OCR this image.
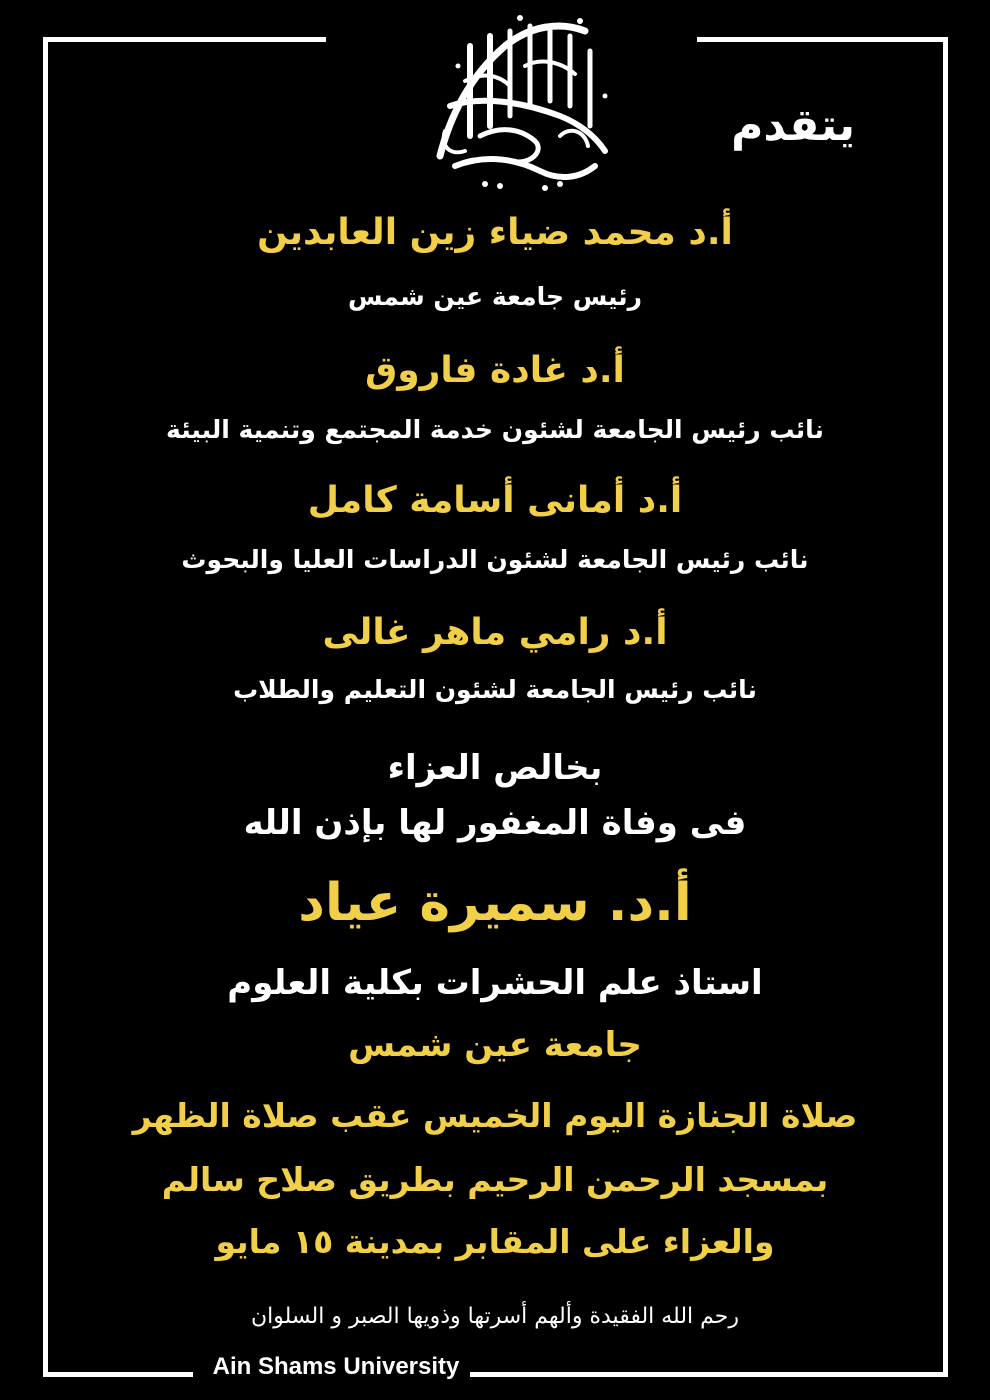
يتقدم

أ.د محمد ضياء زين العابدين

رئيس جامعة عين شمس

أ.د غادة فاروق

نائب رئيس الجامعة لشئون خدمة المجتمع وتنمية البيئة

أ.د أمانى أسامة كامل

نائب رئيس الجامعة لشئون الدراسات العليا والبحوث

أ.د رامي ماهر غالى

نائب رئيس الجامعة لشئون التعليم والطلاب

بخالص العزاء

فى وفاة المغفور لها بإذن الله

أ.د. سميرة عياد

استاذ علم الحشرات بكلية العلوم

جامعة عين شمس

صلاة الجنازة اليوم الخميس عقب صلاة الظهر

بمسجد الرحمن الرحيم بطريق صلاح سالم

والعزاء على المقابر بمدينة ١٥ مايو

رحم الله الفقيدة وألهم أسرتها وذويها الصبر و السلوان

Ain Shams University
